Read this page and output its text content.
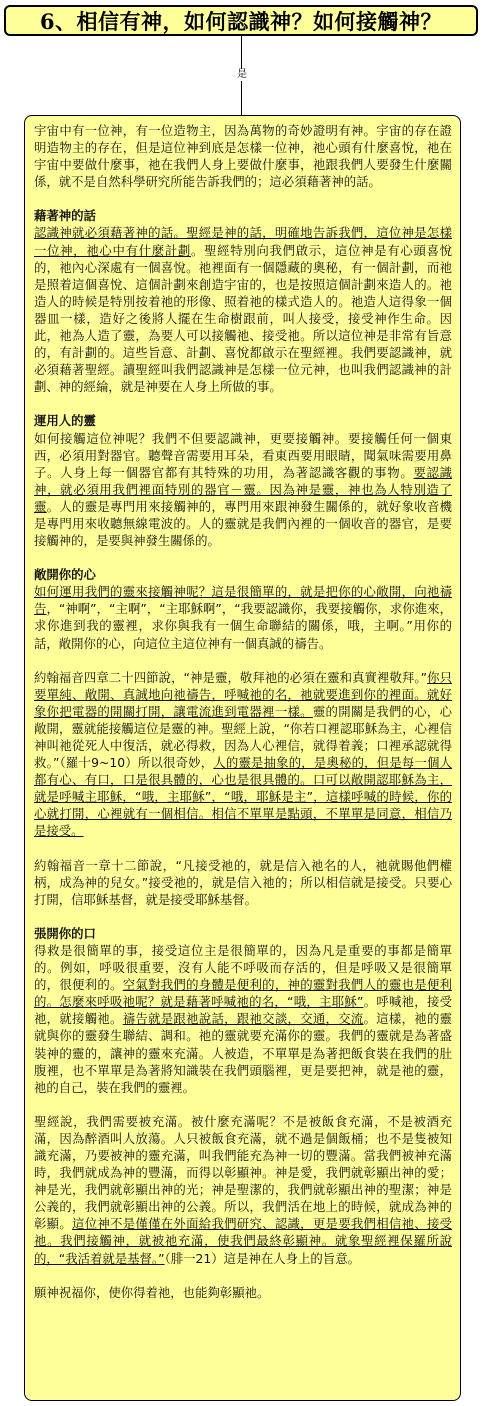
6、相信有神，如何認識神？如何接觸神？
是
宇宙中有一位神，有一位造物主，因為萬物的奇妙證明有神。宇宙的存在證明造物主的存在，但是這位神到底是怎樣一位神，祂心頭有什麼喜悅，祂在宇宙中要做什麼事，祂在我們人身上要做什麼事，祂跟我們人要發生什麼關係，就不是自然科學研究所能告訴我們的；這必須藉著神的話。
藉著神的話
認識神就必須藉著神的話。聖經是神的話，明確地告訴我們，這位神是怎樣一位神，祂心中有什麼計劃。聖經特別向我們啟示，這位神是有心頭喜悅的，祂內心深處有一個喜悅。祂裡面有一個隱藏的奧秘，有一個計劃，而祂是照着這個喜悅、這個計劃來創造宇宙的，也是按照這個計劃來造人的。祂造人的時候是特別按着祂的形像、照着祂的樣式造人的。祂造人這得象一個器皿一樣，造好之後將人擺在生命樹跟前，叫人接受，接受神作生命。因此，祂為人造了靈，為要人可以接觸祂、接受祂。所以這位神是非常有旨意的，有計劃的。這些旨意、計劃、喜悅都啟示在聖經裡。我們要認識神，就必須藉著聖經。讀聖經叫我們認識神是怎樣一位元神，也叫我們認識神的計劃、神的經綸，就是神要在人身上所做的事。
運用人的靈
如何接觸這位神呢？我們不但要認識神，更要接觸神。要接觸任何一個東西，必須用對器官。聽聲音需要用耳朵，看東西要用眼睛，聞氣味需要用鼻子。人身上每一個器官都有其特殊的功用，為著認識客觀的事物。要認識神，就必須用我們裡面特別的器官－靈。因為神是靈，神也為人特別造了靈。人的靈是專門用來接觸神的，專門用來跟神發生關係的，就好象收音機是專門用來收聽無線電波的。人的靈就是我們內裡的一個收音的器官，是要接觸神的，是要與神發生關係的。
敞開你的心
如何運用我們的靈來接觸神呢？這是很簡單的，就是把你的心敞開，向祂禱告，“神啊”，“主啊”，“主耶穌啊”，“我要認識你，我要接觸你，求你進來，求你進到我的靈裡，求你與我有一個生命聯結的關係，哦，主啊。”用你的話，敞開你的心，向這位主這位神有一個真誠的禱告。
約翰福音四章二十四節說，“神是靈，敬拜祂的必須在靈和真實裡敬拜。”你只要單純、敞開、真誠地向祂禱告，呼喊祂的名，祂就要進到你的裡面。就好象你把電器的開關打開，讓電流進到電器裡一樣。靈的開關是我們的心，心敞開，靈就能接觸這位是靈的神。聖經上說，“你若口裡認耶穌為主，心裡信神叫祂從死人中復活，就必得救，因為人心裡信，就得着義；口裡承認就得救。”（羅十9~10）所以很奇妙，人的靈是抽象的，是奧秘的，但是每一個人都有心、有口，口是很具體的，心也是很具體的。口可以敞開認耶穌為主，就是呼喊主耶穌，“哦，主耶穌”，“哦，耶穌是主”，這樣呼喊的時候，你的心就打開，心裡就有一個相信。相信不單單是點頭，不單單是同意，相信乃是接受。
約翰福音一章十二節說，“凡接受祂的，就是信入祂名的人，祂就賜他們權柄，成為神的兒女。”接受祂的，就是信入祂的；所以相信就是接受。只要心打開，信耶穌基督，就是接受耶穌基督。
張開你的口
得救是很簡單的事，接受這位主是很簡單的，因為凡是重要的事都是簡單的。例如，呼吸很重要，沒有人能不呼吸而存活的，但是呼吸又是很簡單的，很便利的。空氣對我們的身體是便利的，神的靈對我們人的靈也是便利的。怎麼來呼吸祂呢？就是藉著呼喊祂的名，“哦，主耶穌”。呼喊祂，接受祂，就接觸祂。禱告就是跟祂說話，跟祂交談，交通，交流。這樣，祂的靈就與你的靈發生聯結、調和。祂的靈就要充滿你的靈。我們的靈就是為著盛裝神的靈的，讓神的靈來充滿。人被造，不單單是為著把飯食裝在我們的肚腹裡，也不單單是為著將知識裝在我們頭腦裡，更是要把神，就是祂的靈，祂的自己，裝在我們的靈裡。
聖經說，我們需要被充滿。被什麼充滿呢？不是被飯食充滿，不是被酒充滿，因為醉酒叫人放蕩。人只被飯食充滿，就不過是個飯桶；也不是隻被知識充滿，乃要被神的靈充滿，叫我們能充為神一切的豐滿。當我們被神充滿時，我們就成為神的豐滿，而得以彰顯神。神是愛，我們就彰顯出神的愛；神是光，我們就彰顯出神的光；神是聖潔的，我們就彰顯出神的聖潔；神是公義的，我們就彰顯出神的公義。所以，我們活在地上的時候，就成為神的彰顯。這位神不是僅僅在外面給我們研究、認識，更是要我們相信祂、接受祂。我們接觸神，就被祂充滿，使我們最終彰顯神。就象聖經裡保羅所說的，“我活着就是基督。”（腓一21）這是神在人身上的旨意。
願神祝福你，使你得着祂，也能夠彰顯祂。
